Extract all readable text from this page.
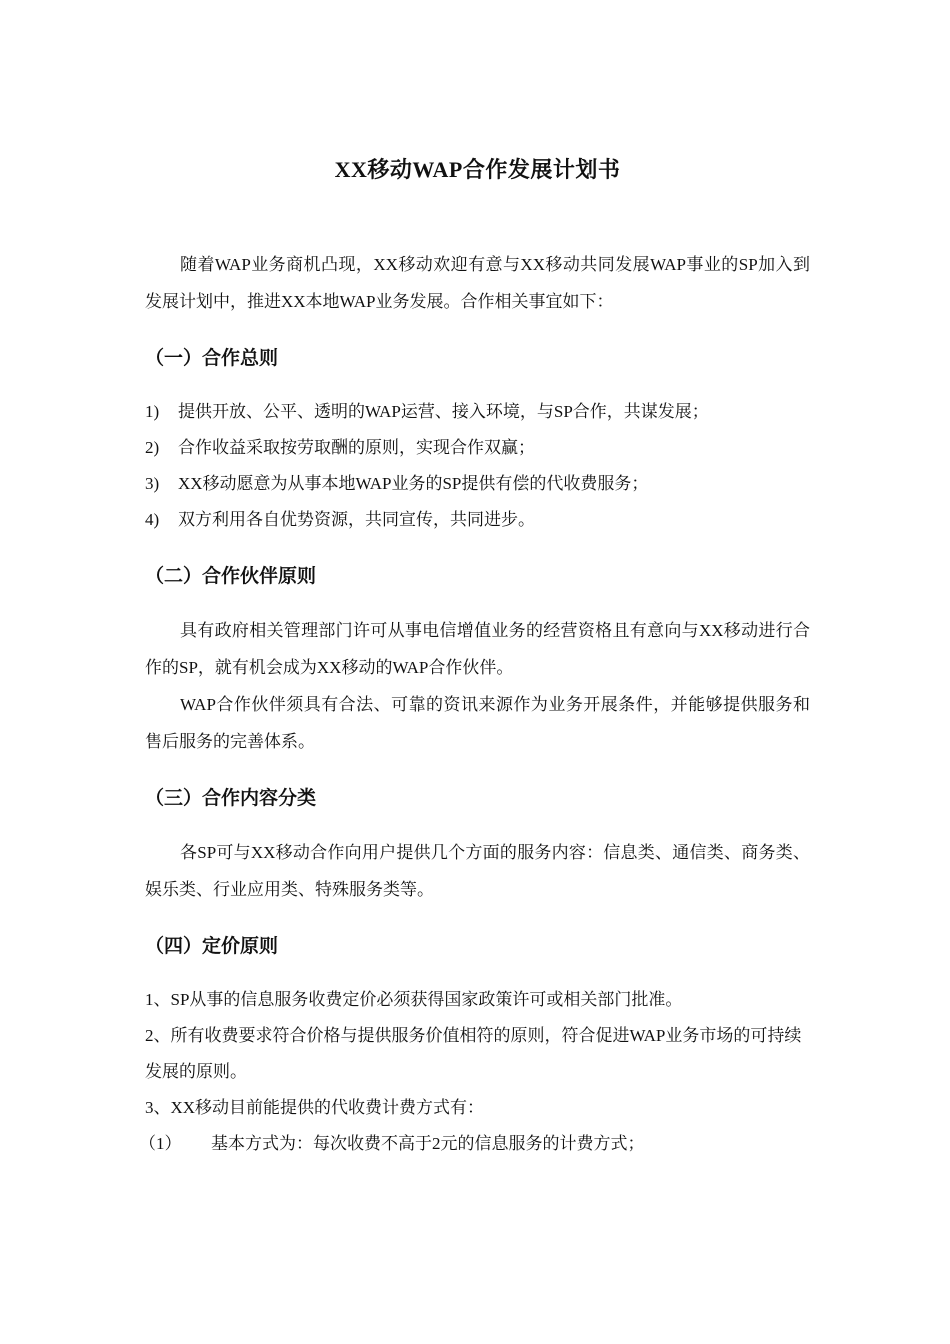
XX移动WAP合作发展计划书

随着WAP业务商机凸现，XX移动欢迎有意与XX移动共同发展WAP事业的SP加入到发展计划中，推进XX本地WAP业务发展。合作相关事宜如下：

（一）合作总则
1)	提供开放、公平、透明的WAP运营、接入环境，与SP合作，共谋发展；
2)	合作收益采取按劳取酬的原则，实现合作双赢；
3)	XX移动愿意为从事本地WAP业务的SP提供有偿的代收费服务；
4)	双方利用各自优势资源，共同宣传，共同进步。
（二）合作伙伴原则

具有政府相关管理部门许可从事电信增值业务的经营资格且有意向与XX移动进行合作的SP，就有机会成为XX移动的WAP合作伙伴。

WAP合作伙伴须具有合法、可靠的资讯来源作为业务开展条件，并能够提供服务和售后服务的完善体系。

（三）合作内容分类

各SP可与XX移动合作向用户提供几个方面的服务内容：信息类、通信类、商务类、娱乐类、行业应用类、特殊服务类等。

（四）定价原则

1、SP从事的信息服务收费定价必须获得国家政策许可或相关部门批准。

2、所有收费要求符合价格与提供服务价值相符的原则，符合促进WAP业务市场的可持续发展的原则。

3、XX移动目前能提供的代收费计费方式有：

（1）	基本方式为：每次收费不高于2元的信息服务的计费方式；
